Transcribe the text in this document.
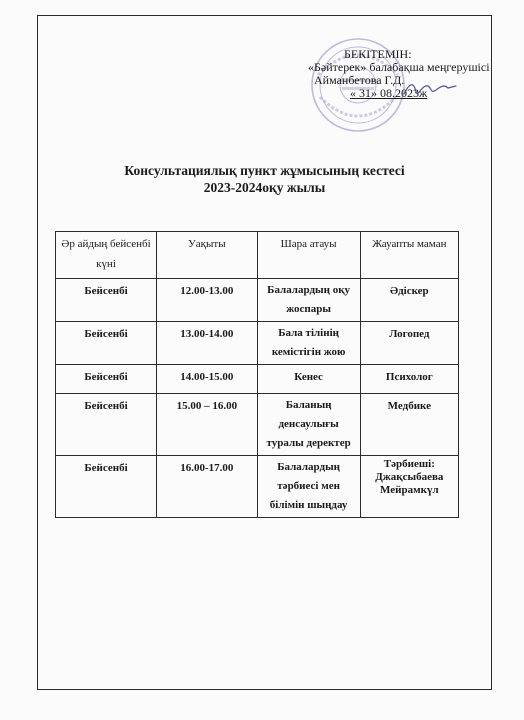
БЕКІТЕМІН:
«Бәйтерек» балабақша меңгерушісі
Айманбетова Г.Д.
« 31» 08.2023ж
Консультациялық пункт жұмысының кестесі
2023-2024оқу жылы
Әр айдың бейсенбі күні	Уақыты	Шара атауы	Жауапты маман
Бейсенбі	12.00-13.00	Балалардың оқу жоспары	Әдіскер
Бейсенбі	13.00-14.00	Бала тілінің кемістігін жою	Логопед
Бейсенбі	14.00-15.00	Кенес	Психолог
Бейсенбі	15.00 – 16.00	Баланың денсаулығы туралы деректер	Медбике
Бейсенбі	16.00-17.00	Балалардың тәрбиесі мен білімін шыңдау	Тәрбиеші: Джақсыбаева Мейрамкүл
